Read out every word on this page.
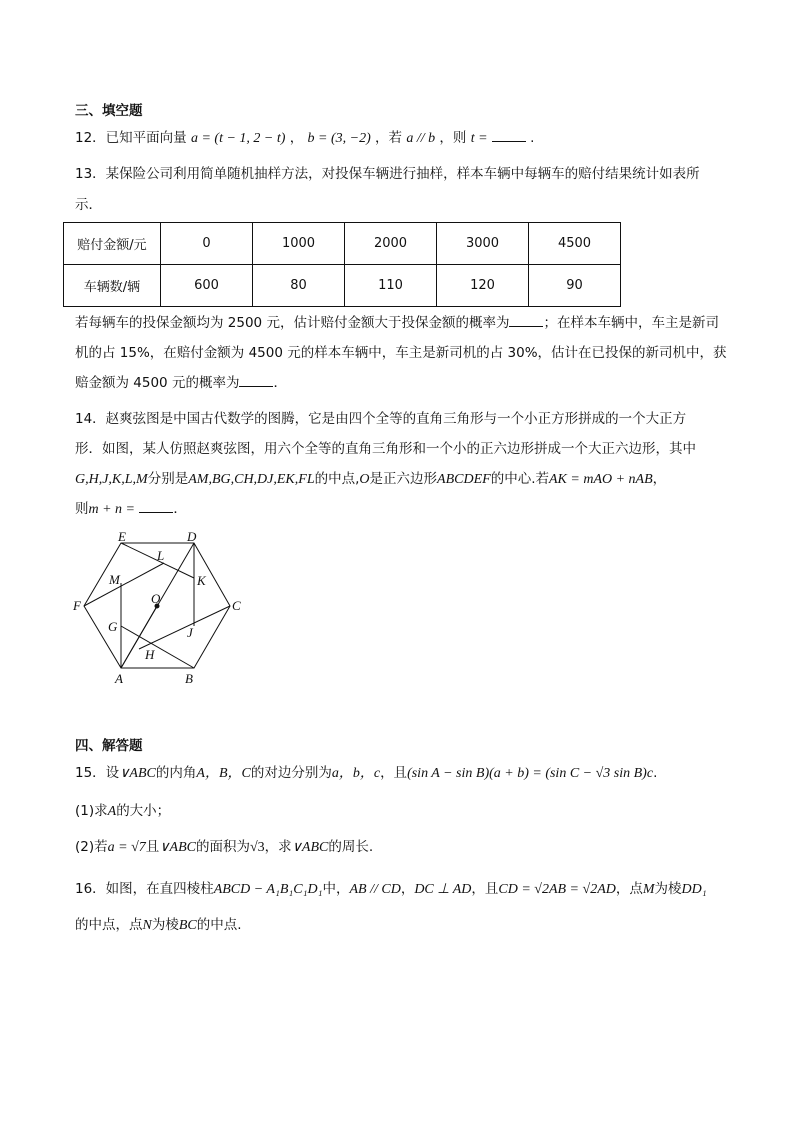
三、填空题
12．已知平面向量 a = (t − 1, 2 − t) ， b = (3, −2) ，若 a // b ，则 t =	.
13．某保险公司利用简单随机抽样方法，对投保车辆进行抽样，样本车辆中每辆车的赔付结果统计如表所
示．
赔付金额/元	0	1000	2000	3000	4500
车辆数/辆	600	80	110	120	90
若每辆车的投保金额均为 2500 元，估计赔付金额大于投保金额的概率为	；在样本车辆中，车主是新司
机的占 15%，在赔付金额为 4500 元的样本车辆中，车主是新司机的占 30%，估计在已投保的新司机中，获
赔金额为 4500 元的概率为	．
14．赵爽弦图是中国古代数学的图腾，它是由四个全等的直角三角形与一个小正方形拼成的一个大正方
形．如图，某人仿照赵爽弦图，用六个全等的直角三角形和一个小的正六边形拼成一个大正六边形，其中
G,H,J,K,L,M分别是AM,BG,CH,DJ,EK,FL的中点,O是正六边形ABCDEF的中心.若AK = mAO + nAB，
则m + n =	．
E	D
L
M	K
O
F	C
G	J
H
A	B
四、解答题
15．设∨ABC的内角A，B，C的对边分别为a，b，c，且(sin A − sin B)(a + b) = (sin C − √3 sin B)c.
(1)求A的大小；
(2)若a = √7且∨ABC的面积为√3，求∨ABC的周长.
16．如图，在直四棱柱ABCD − A₁B₁C₁D₁中，AB // CD，DC ⊥ AD，且CD = √2AB = √2AD，点M为棱DD₁
的中点，点N为棱BC的中点.
